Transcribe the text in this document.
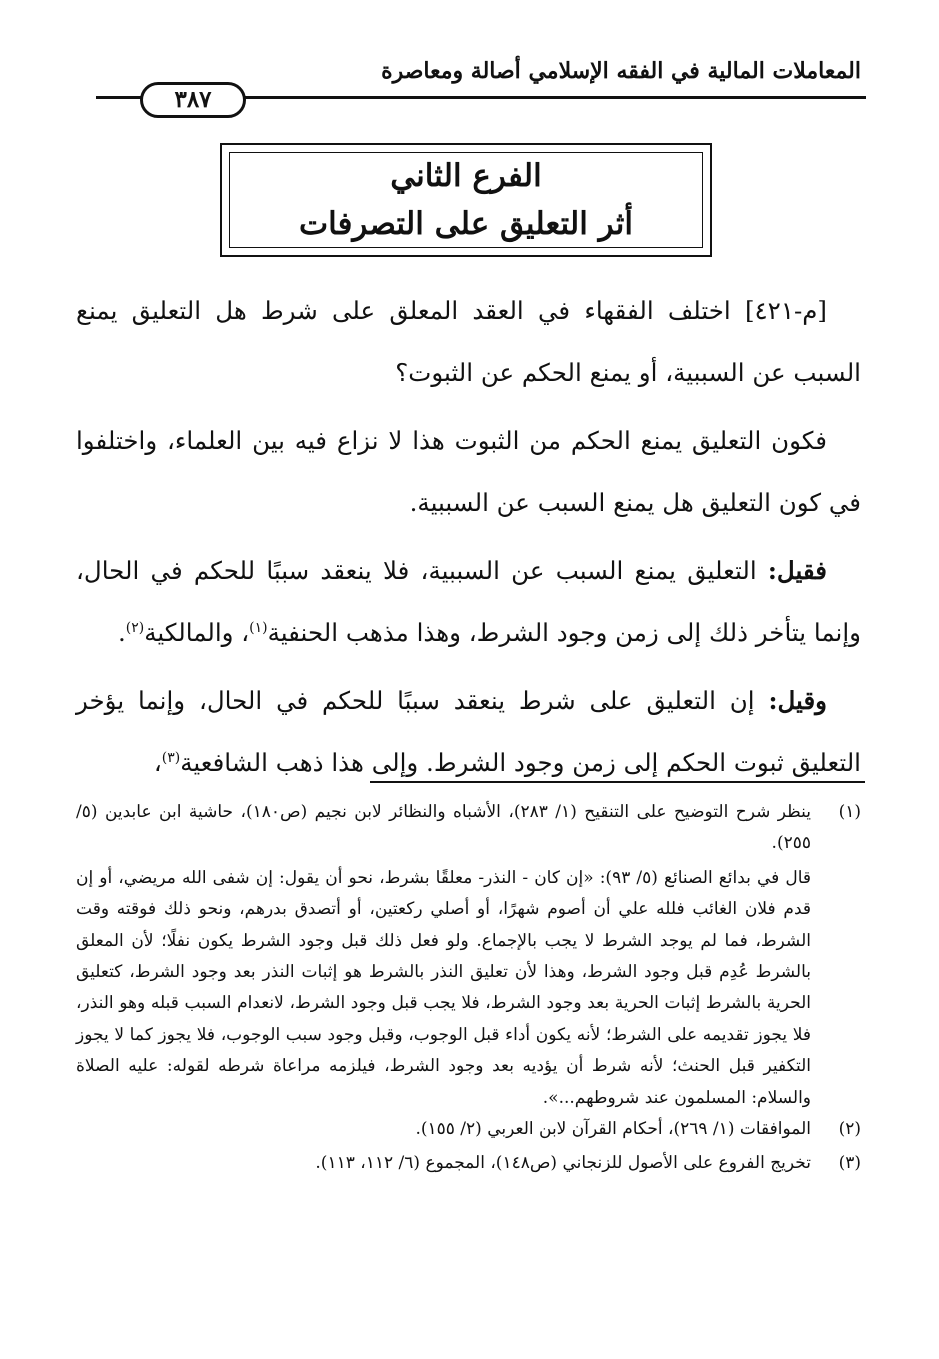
المعاملات المالية في الفقه الإسلامي أصالة ومعاصرة
٣٨٧
الفرع الثاني
أثر التعليق على التصرفات

[م-٤٢١] اختلف الفقهاء في العقد المعلق على شرط هل التعليق يمنع السبب عن السببية، أو يمنع الحكم عن الثبوت؟

فكون التعليق يمنع الحكم من الثبوت هذا لا نزاع فيه بين العلماء، واختلفوا في كون التعليق هل يمنع السبب عن السببية.

فقيل: التعليق يمنع السبب عن السببية، فلا ينعقد سببًا للحكم في الحال، وإنما يتأخر ذلك إلى زمن وجود الشرط، وهذا مذهب الحنفية$^{(١)}$، والمالكية$^{(٢)}$.

وقيل: إن التعليق على شرط ينعقد سببًا للحكم في الحال، وإنما يؤخر التعليق ثبوت الحكم إلى زمن وجود الشرط. وإلى هذا ذهب الشافعية$^{(٣)}$،

(١)
ينظر شرح التوضيح على التنقيح (١/ ٢٨٣)، الأشباه والنظائر لابن نجيم (ص١٨٠)، حاشية ابن عابدين (٥/ ٢٥٥).
قال في بدائع الصنائع (٥/ ٩٣): «إن كان - النذر- معلقًا بشرط، نحو أن يقول: إن شفى الله مريضي، أو إن قدم فلان الغائب فلله علي أن أصوم شهرًا، أو أصلي ركعتين، أو أتصدق بدرهم، ونحو ذلك فوقته وقت الشرط، فما لم يوجد الشرط لا يجب بالإجماع. ولو فعل ذلك قبل وجود الشرط يكون نفلًا؛ لأن المعلق بالشرط عُدِم قبل وجود الشرط، وهذا لأن تعليق النذر بالشرط هو إثبات النذر بعد وجود الشرط، كتعليق الحرية بالشرط إثبات الحرية بعد وجود الشرط، فلا يجب قبل وجود الشرط، لانعدام السبب قبله وهو النذر، فلا يجوز تقديمه على الشرط؛ لأنه يكون أداء قبل الوجوب، وقبل وجود سبب الوجوب، فلا يجوز كما لا يجوز التكفير قبل الحنث؛ لأنه شرط أن يؤديه بعد وجود الشرط، فيلزمه مراعاة شرطه لقوله: عليه الصلاة والسلام: المسلمون عند شروطهم...».
(٢)
الموافقات (١/ ٢٦٩)، أحكام القرآن لابن العربي (٢/ ١٥٥).
(٣)
تخريج الفروع على الأصول للزنجاني (ص١٤٨)، المجموع (٦/ ١١٢، ١١٣).
